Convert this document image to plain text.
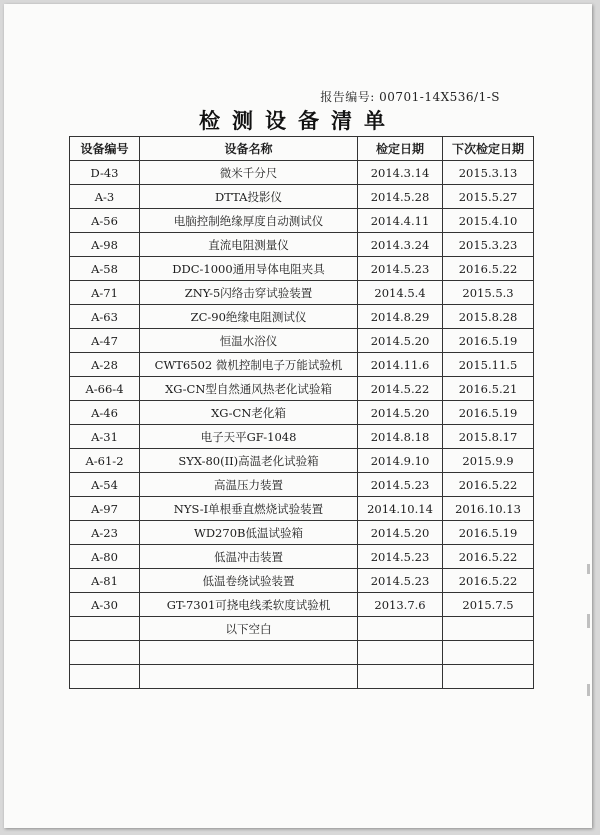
报告编号: 00701-14X536/1-S
检测设备清单
设备编号	设备名称	检定日期	下次检定日期
D-43	微米千分尺	2014.3.14	2015.3.13
A-3	DTTA投影仪	2014.5.28	2015.5.27
A-56	电脑控制绝缘厚度自动测试仪	2014.4.11	2015.4.10
A-98	直流电阻测量仪	2014.3.24	2015.3.23
A-58	DDC-1000通用导体电阻夹具	2014.5.23	2016.5.22
A-71	ZNY-5闪络击穿试验装置	2014.5.4	2015.5.3
A-63	ZC-90绝缘电阻测试仪	2014.8.29	2015.8.28
A-47	恒温水浴仪	2014.5.20	2016.5.19
A-28	CWT6502 微机控制电子万能试验机	2014.11.6	2015.11.5
A-66-4	XG-CN型自然通风热老化试验箱	2014.5.22	2016.5.21
A-46	XG-CN老化箱	2014.5.20	2016.5.19
A-31	电子天平GF-1048	2014.8.18	2015.8.17
A-61-2	SYX-80(II)高温老化试验箱	2014.9.10	2015.9.9
A-54	高温压力装置	2014.5.23	2016.5.22
A-97	NYS-I单根垂直燃烧试验装置	2014.10.14	2016.10.13
A-23	WD270B低温试验箱	2014.5.20	2016.5.19
A-80	低温冲击装置	2014.5.23	2016.5.22
A-81	低温卷绕试验装置	2014.5.23	2016.5.22
A-30	GT-7301可挠电线柔软度试验机	2013.7.6	2015.7.5
	以下空白		
